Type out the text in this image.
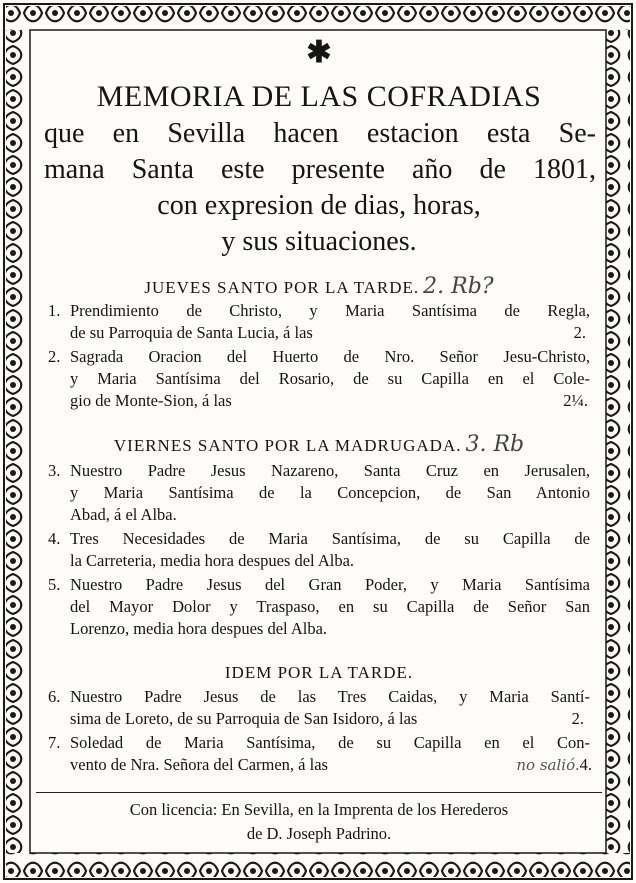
✱
MEMORIA DE LAS COFRADIAS
que en Sevilla hacen estacion esta Se-
mana Santa este presente año de 1801,
con expresion de dias, horas,
y sus situaciones.
JUEVES SANTO POR LA TARDE. 2. Rb?
1. Prendimiento de Christo, y Maria Santísima de Regla,
de su Parroquia de Santa Lucia, á las	2.
2. Sagrada Oracion del Huerto de Nro. Señor Jesu-Christo,
y Maria Santísima del Rosario, de su Capilla en el Cole-
gio de Monte-Sion, á las	2¼.
VIERNES SANTO POR LA MADRUGADA. 3. Rb
3. Nuestro Padre Jesus Nazareno, Santa Cruz en Jerusalen,
y Maria Santísima de la Concepcion, de San Antonio
Abad, á el Alba.
4. Tres Necesidades de Maria Santísima, de su Capilla de
la Carreteria, media hora despues del Alba.
5. Nuestro Padre Jesus del Gran Poder, y Maria Santísima
del Mayor Dolor y Traspaso, en su Capilla de Señor San
Lorenzo, media hora despues del Alba.
IDEM POR LA TARDE.
6. Nuestro Padre Jesus de las Tres Caidas, y Maria Santí-
sima de Loreto, de su Parroquia de San Isidoro, á las	2.
7. Soledad de Maria Santísima, de su Capilla en el Con-
vento de Nra. Señora del Carmen, á las	no salió.4.
Con licencia: En Sevilla, en la Imprenta de los Herederos
de D. Joseph Padrino.
